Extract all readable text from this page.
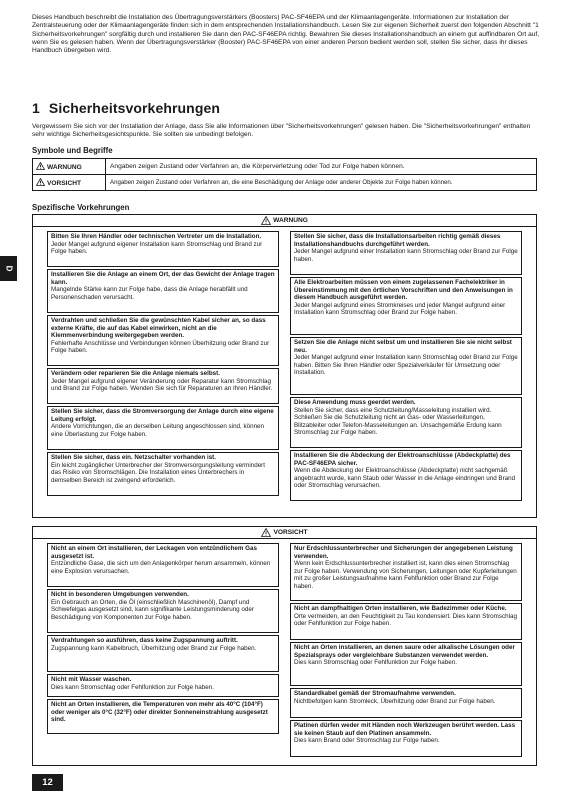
Dieses Handbuch beschreibt die Installation des Übertragungsverstärkers (Boosters) PAC-SF46EPA und der Klimaanlagengeräte. Informationen zur Installation der Zentralsteuerung oder der Klimaanlagengeräte finden sich in dem entsprechenden Installationshandbuch. Lesen Sie zur eigenen Sicherheit zuerst den folgenden Abschnitt "1 Sicherheitsvorkehrungen" sorgfältig durch und installieren Sie dann den PAC-SF46EPA richtig. Bewahren Sie dieses Installationshandbuch an einem gut auffindbaren Ort auf, wenn Sie es gelesen haben. Wenn der Übertragungsverstärker (Booster) PAC-SF46EPA von einer anderen Person bedient werden soll, stellen Sie sicher, dass ihr dieses Handbuch übergeben wird.

D
1 Sicherheitsvorkehrungen

Vergewissern Sie sich vor der Installation der Anlage, dass Sie alle Informationen über "Sicherheitsvorkehrungen" gelesen haben. Die "Sicherheitsvorkehrungen" enthalten sehr wichtige Sicherheitsgesichtspunkte. Sie sollten sie unbedingt befolgen.

Symbole und Begriffe
WARNUNG	Angaben zeigen Zustand oder Verfahren an, die Körperverletzung oder Tod zur Folge haben können.
VORSICHT	Angaben zeigen Zustand oder Verfahren an, die eine Beschädigung der Anlage oder anderer Objekte zur Folge haben können.
Spezifische Vorkehrungen
WARNUNG
Bitten Sie Ihren Händler oder technischen Vertreter um die Installation.
Jeder Mangel aufgrund eigener Installation kann Stromschlag und Brand zur Folge haben.
Installieren Sie die Anlage an einem Ort, der das Gewicht der Anlage tragen kann.
Mangelnde Stärke kann zur Folge habe, dass die Anlage herabfällt und Personenschaden verursacht.
Verdrahten und schließen Sie die gewünschten Kabel sicher an, so dass externe Kräfte, die auf das Kabel einwirken, nicht an die Klemmenverbindung weitergegeben werden.
Fehlerhafte Anschlüsse und Verbindungen können Überhitzung oder Brand zur Folge haben.
Verändern oder reparieren Sie die Anlage niemals selbst.
Jeder Mangel aufgrund eigener Veränderung oder Reparatur kann Stromschlag und Brand zur Folge haben. Wenden Sie sich für Reparaturen an Ihren Händler.
Stellen Sie sicher, dass die Stromversorgung der Anlage durch eine eigene Leitung erfolgt.
Andere Vorrichtungen, die an derselben Leitung angeschlossen sind, können eine Überlastung zur Folge haben.
Stellen Sie sicher, dass ein. Netzschalter vorhanden ist.
Ein leicht zugänglicher Unterbrecher der Stromversorgungsleitung vermindert das Risiko von Stromschlägen. Die Installation eines Unterbrechers in demselben Bereich ist zwingend erforderlich.
Stellen Sie sicher, dass die Installationsarbeiten richtig gemäß dieses Installationshandbuchs durchgeführt werden.
Jeder Mangel aufgrund einer Installation kann Stromschlag oder Brand zur Folge haben.
Alle Elektroarbeiten müssen von einem zugelassenen Fachelektriker in Übereinstimmung mit den örtlichen Vorschriften und den Anweisungen in diesem Handbuch ausgeführt werden.
Jeder Mangel aufgrund eines Stromkreises und jeder Mangel aufgrund einer Installation kann Stromschlag oder Brand zur Folge haben.
Setzen Sie die Anlage nicht selbst um und installieren Sie sie nicht selbst neu.
Jeder Mangel aufgrund einer Installation kann Stromschlag oder Brand zur Folge haben. Bitten Sie Ihren Händler oder Spezialverkäufer für Umsetzung oder Installation.
Diese Anwendung muss geerdet werden.
Stellen Sie sicher, dass eine Schutzleitung/Masseleitung installiert wird. Schließen Sie die Schutzleitung nicht an Gas- oder Wasserleitungen, Blitzableiter oder Telefon-Masseleitungen an. Unsachgemäße Erdung kann Stromschlag zur Folge haben.
Installieren Sie die Abdeckung der Elektroanschlüsse (Abdeckplatte) des PAC-SF46EPA sicher.
Wenn die Abdeckung der Elektroanschlüsse (Abdeckplatte) nicht sachgemäß angebracht wurde, kann Staub oder Wasser in die Anlage eindringen und Brand oder Stromschlag verursachen.
VORSICHT
Nicht an einem Ort installieren, der Leckagen von entzündlichem Gas ausgesetzt ist.
Entzündliche Gase, die sich um den Anlagenkörper herum ansammeln, können eine Explosion verursachen.
Nicht in besonderen Umgebungen verwenden.
Ein Gebrauch an Orten, die Öl (einschließlich Maschinenöl), Dampf und Schwefelgas ausgesetzt sind, kann signifikante Leistungsminderung oder Beschädigung von Komponenten zur Folge haben.
Verdrahtungen so ausführen, dass keine Zugspannung auftritt.
Zugspannung kann Kabelbruch, Überhitzung oder Brand zur Folge haben.
Nicht mit Wasser waschen.
Dies kann Stromschlag oder Fehlfunktion zur Folge haben.
Nicht an Orten installieren, die Temperaturen von mehr als 40°C (104°F) oder weniger als 0°C (32°F) oder direkter Sonneneinstrahlung ausgesetzt sind.
Nur Erdschlussunterbrecher und Sicherungen der angegebenen Leistung verwenden.
Wenn kein Erdschlussunterbrecher installiert ist, kann dies einen Stromschlag zur Folge haben. Verwendung von Sicherungen, Leitungen oder Kupferleitungen mit zu großer Leistungsaufnahme kann Fehlfunktion oder Brand zur Folge haben.
Nicht an dampfhaltigen Orten installieren, wie Badezimmer oder Küche.
Orte vermeiden, an den Feuchtigkeit zu Tau kondensiert. Dies kann Stromschlag oder Fehlfunktion zur Folge haben.
Nicht an Orten installieren, an denen saure oder alkalische Lösungen oder Spezialsprays oder vergleichbare Substanzen verwendet werden.
Dies kann Stromschlag oder Fehlfunktion zur Folge haben.
Standardkabel gemäß der Stromaufnahme verwenden.
Nichtbefolgen kann Stromleck, Überhitzung oder Brand zur Folge haben.
Platinen dürfen weder mit Händen noch Werkzeugen berührt werden. Lass sie keinen Staub auf den Platinen ansammeln.
Dies kann Brand oder Stromschlag zur Folge haben.
12
